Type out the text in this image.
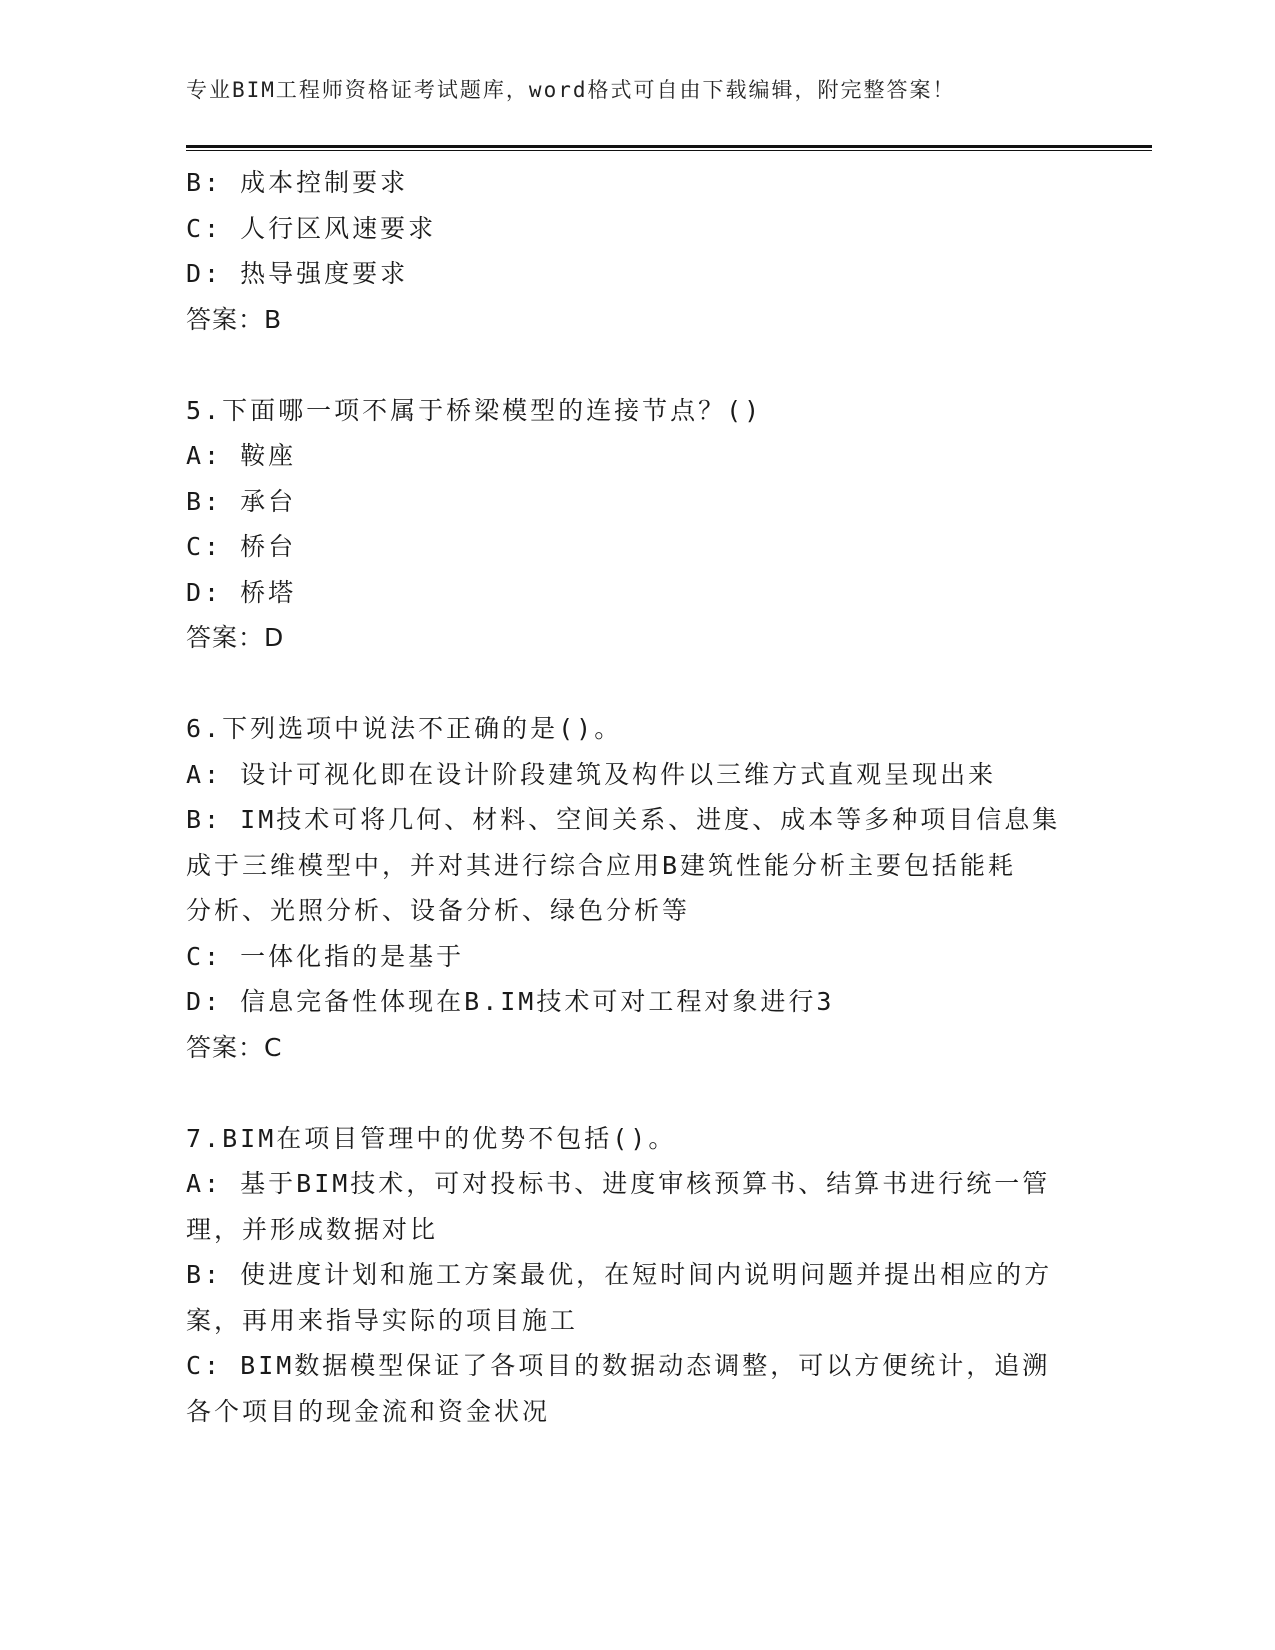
专业BIM工程师资格证考试题库，word格式可自由下载编辑，附完整答案！
B: 成本控制要求
C: 人行区风速要求
D: 热导强度要求
答案：B
5.下面哪一项不属于桥梁模型的连接节点？()
A: 鞍座
B: 承台
C: 桥台
D: 桥塔
答案：D
6.下列选项中说法不正确的是()。
A: 设计可视化即在设计阶段建筑及构件以三维方式直观呈现出来
B: IM技术可将几何、材料、空间关系、进度、成本等多种项目信息集
成于三维模型中，并对其进行综合应用B建筑性能分析主要包括能耗
分析、光照分析、设备分析、绿色分析等
C: 一体化指的是基于
D: 信息完备性体现在B.IM技术可对工程对象进行3
答案：C
7.BIM在项目管理中的优势不包括()。
A: 基于BIM技术，可对投标书、进度审核预算书、结算书进行统一管
理，并形成数据对比
B: 使进度计划和施工方案最优，在短时间内说明问题并提出相应的方
案，再用来指导实际的项目施工
C: BIM数据模型保证了各项目的数据动态调整，可以方便统计，追溯
各个项目的现金流和资金状况
